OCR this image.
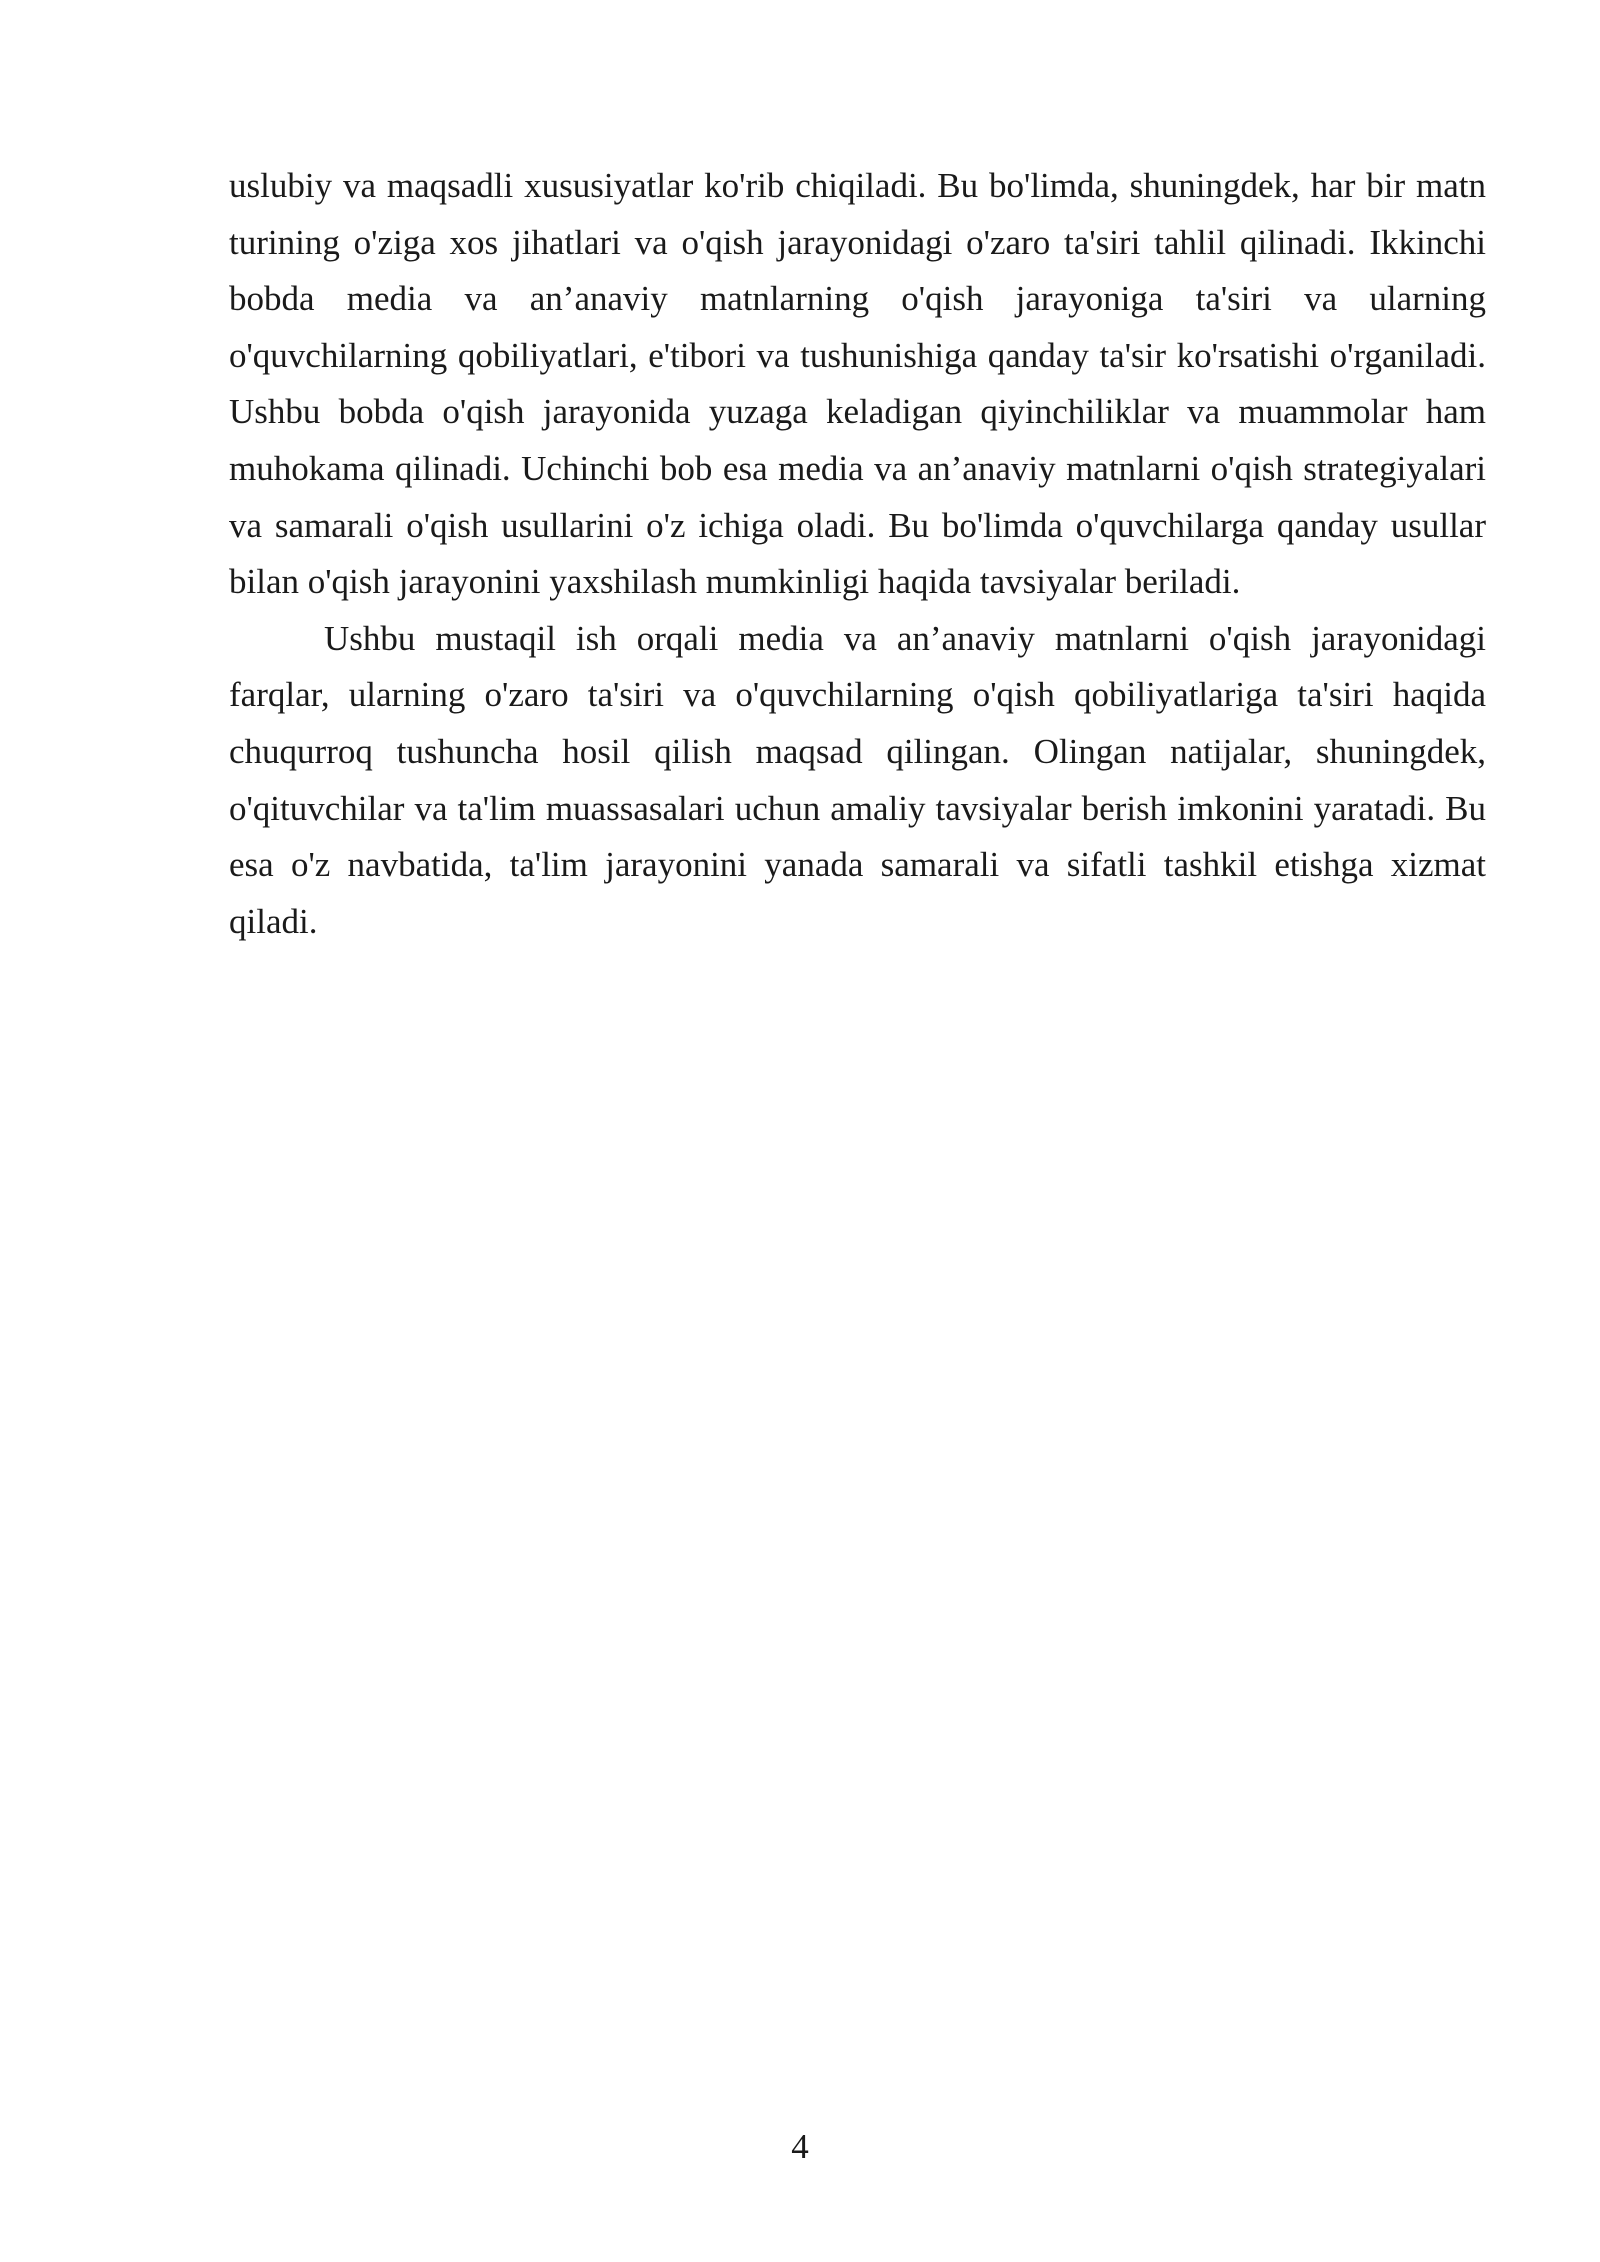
uslubiy va maqsadli xususiyatlar ko'rib chiqiladi. Bu bo'limda, shuningdek, har bir matn turining o'ziga xos jihatlari va o'qish jarayonidagi o'zaro ta'siri tahlil qilinadi. Ikkinchi bobda media va an’anaviy matnlarning o'qish jarayoniga ta'siri va ularning o'quvchilarning qobiliyatlari, e'tibori va tushunishiga qanday ta'sir ko'rsatishi o'rganiladi. Ushbu bobda o'qish jarayonida yuzaga keladigan qiyinchiliklar va muammolar ham muhokama qilinadi. Uchinchi bob esa media va an’anaviy matnlarni o'qish strategiyalari va samarali o'qish usullarini o'z ichiga oladi. Bu bo'limda o'quvchilarga qanday usullar bilan o'qish jarayonini yaxshilash mumkinligi haqida tavsiyalar beriladi.

Ushbu mustaqil ish orqali media va an’anaviy matnlarni o'qish jarayonidagi farqlar, ularning o'zaro ta'siri va o'quvchilarning o'qish qobiliyatlariga ta'siri haqida chuqurroq tushuncha hosil qilish maqsad qilingan. Olingan natijalar, shuningdek, o'qituvchilar va ta'lim muassasalari uchun amaliy tavsiyalar berish imkonini yaratadi. Bu esa o'z navbatida, ta'lim jarayonini yanada samarali va sifatli tashkil etishga xizmat qiladi.

4
